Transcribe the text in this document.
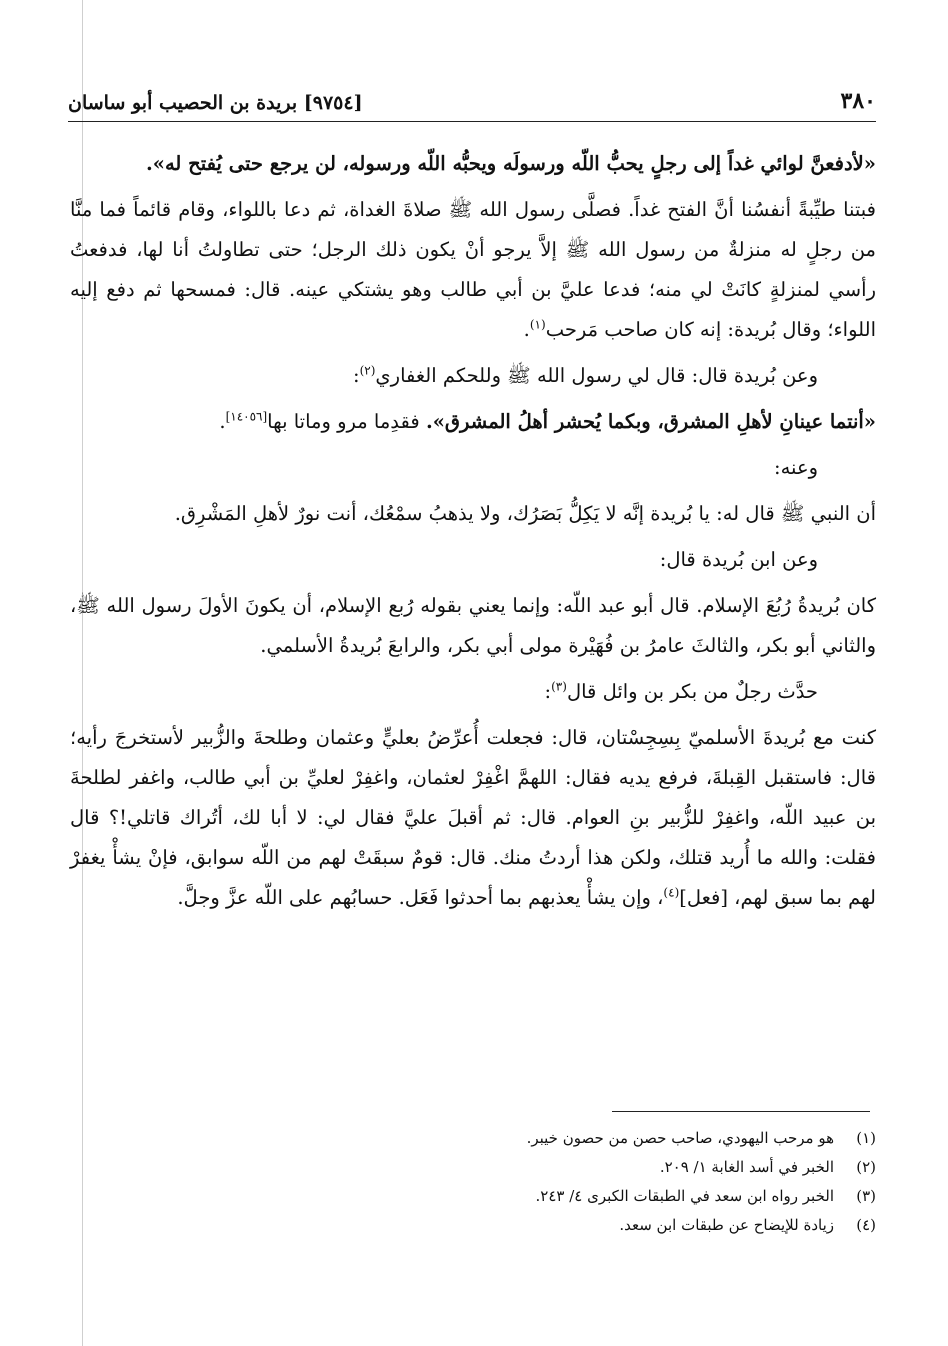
٣٨٠
[٩٧٥٤] بريدة بن الحصيب أبو ساسان

«لأدفعنَّ لوائي غداً إلى رجلٍ يحبُّ اللّه ورسولَه ويحبُّه اللّه ورسوله، لن يرجع حتى يُفتح له».

فبتنا طيِّبةً أنفسُنا أنَّ الفتح غداً. فصلَّى رسول الله ﷺ صلاةَ الغداة، ثم دعا باللواء، وقام قائماً فما منَّا من رجلٍ له منزلةٌ من رسول الله ﷺ إلاَّ يرجو أنْ يكون ذلك الرجل؛ حتى تطاولتُ أنا لها، فدفعتُ رأسي لمنزلةٍ كانَتْ لي منه؛ فدعا عليَّ بن أبي طالب وهو يشتكي عينه. قال: فمسحها ثم دفع إليه اللواء؛ وقال بُريدة: إنه كان صاحب مَرحب$^{(١)}$.

وعن بُريدة قال: قال لي رسول الله ﷺ وللحكم الغفاري$^{(٢)}$:

«أنتما عينانِ لأهلِ المشرق، وبكما يُحشر أهلُ المشرق». فقدِما مرو وماتا بها[١٤٠٥٦].

وعنه:

أن النبي ﷺ قال له: يا بُريدة إنَّه لا يَكِلُّ بَصَرُك، ولا يذهبُ سمْعُك، أنت نورٌ لأهلِ المَشْرِق.

وعن ابن بُريدة قال:

كان بُريدةُ رُبُعَ الإسلام. قال أبو عبد اللّه: وإنما يعني بقوله رُبع الإسلام، أن يكونَ الأولَ رسول الله ﷺ، والثاني أبو بكر، والثالثَ عامرُ بن فُهَيْرة مولى أبي بكر، والرابعَ بُريدةُ الأسلمي.

حدَّث رجلٌ من بكر بن وائل قال$^{(٣)}$:

كنت مع بُريدةَ الأسلميّ بِسِجِسْتان، قال: فجعلت أُعرِّضُ بعليٍّ وعثمان وطلحةَ والزُّبير لأستخرجَ رأيه؛ قال: فاستقبل القِبلةَ، فرفع يديه فقال: اللهمَّ اغْفِرْ لعثمان، واغفِرْ لعليِّ بن أبي طالب، واغفر لطلحةَ بن عبيد اللّه، واغفِرْ للزُّبير بنِ العوام. قال: ثم أقبلَ عليَّ فقال لي: لا أبا لك، أتُراك قاتلي!؟ قال فقلت: والله ما أُريد قتلك، ولكن هذا أردتُ منك. قال: قومٌ سبقَتْ لهم من اللّه سوابق، فإنْ يشأْ يغفرْ لهم بما سبق لهم، [فعل]$^{(٤)}$، وإن يشأْ يعذبهم بما أحدثوا فَعَل. حسابُهم على اللّه عزَّ وجلَّ.

(١)
هو مرحب اليهودي، صاحب حصن من حصون خيبر.
(٢)
الخبر في أسد الغابة ١/ ٢٠٩.
(٣)
الخبر رواه ابن سعد في الطبقات الكبرى ٤/ ٢٤٣.
(٤)
زيادة للإيضاح عن طبقات ابن سعد.
